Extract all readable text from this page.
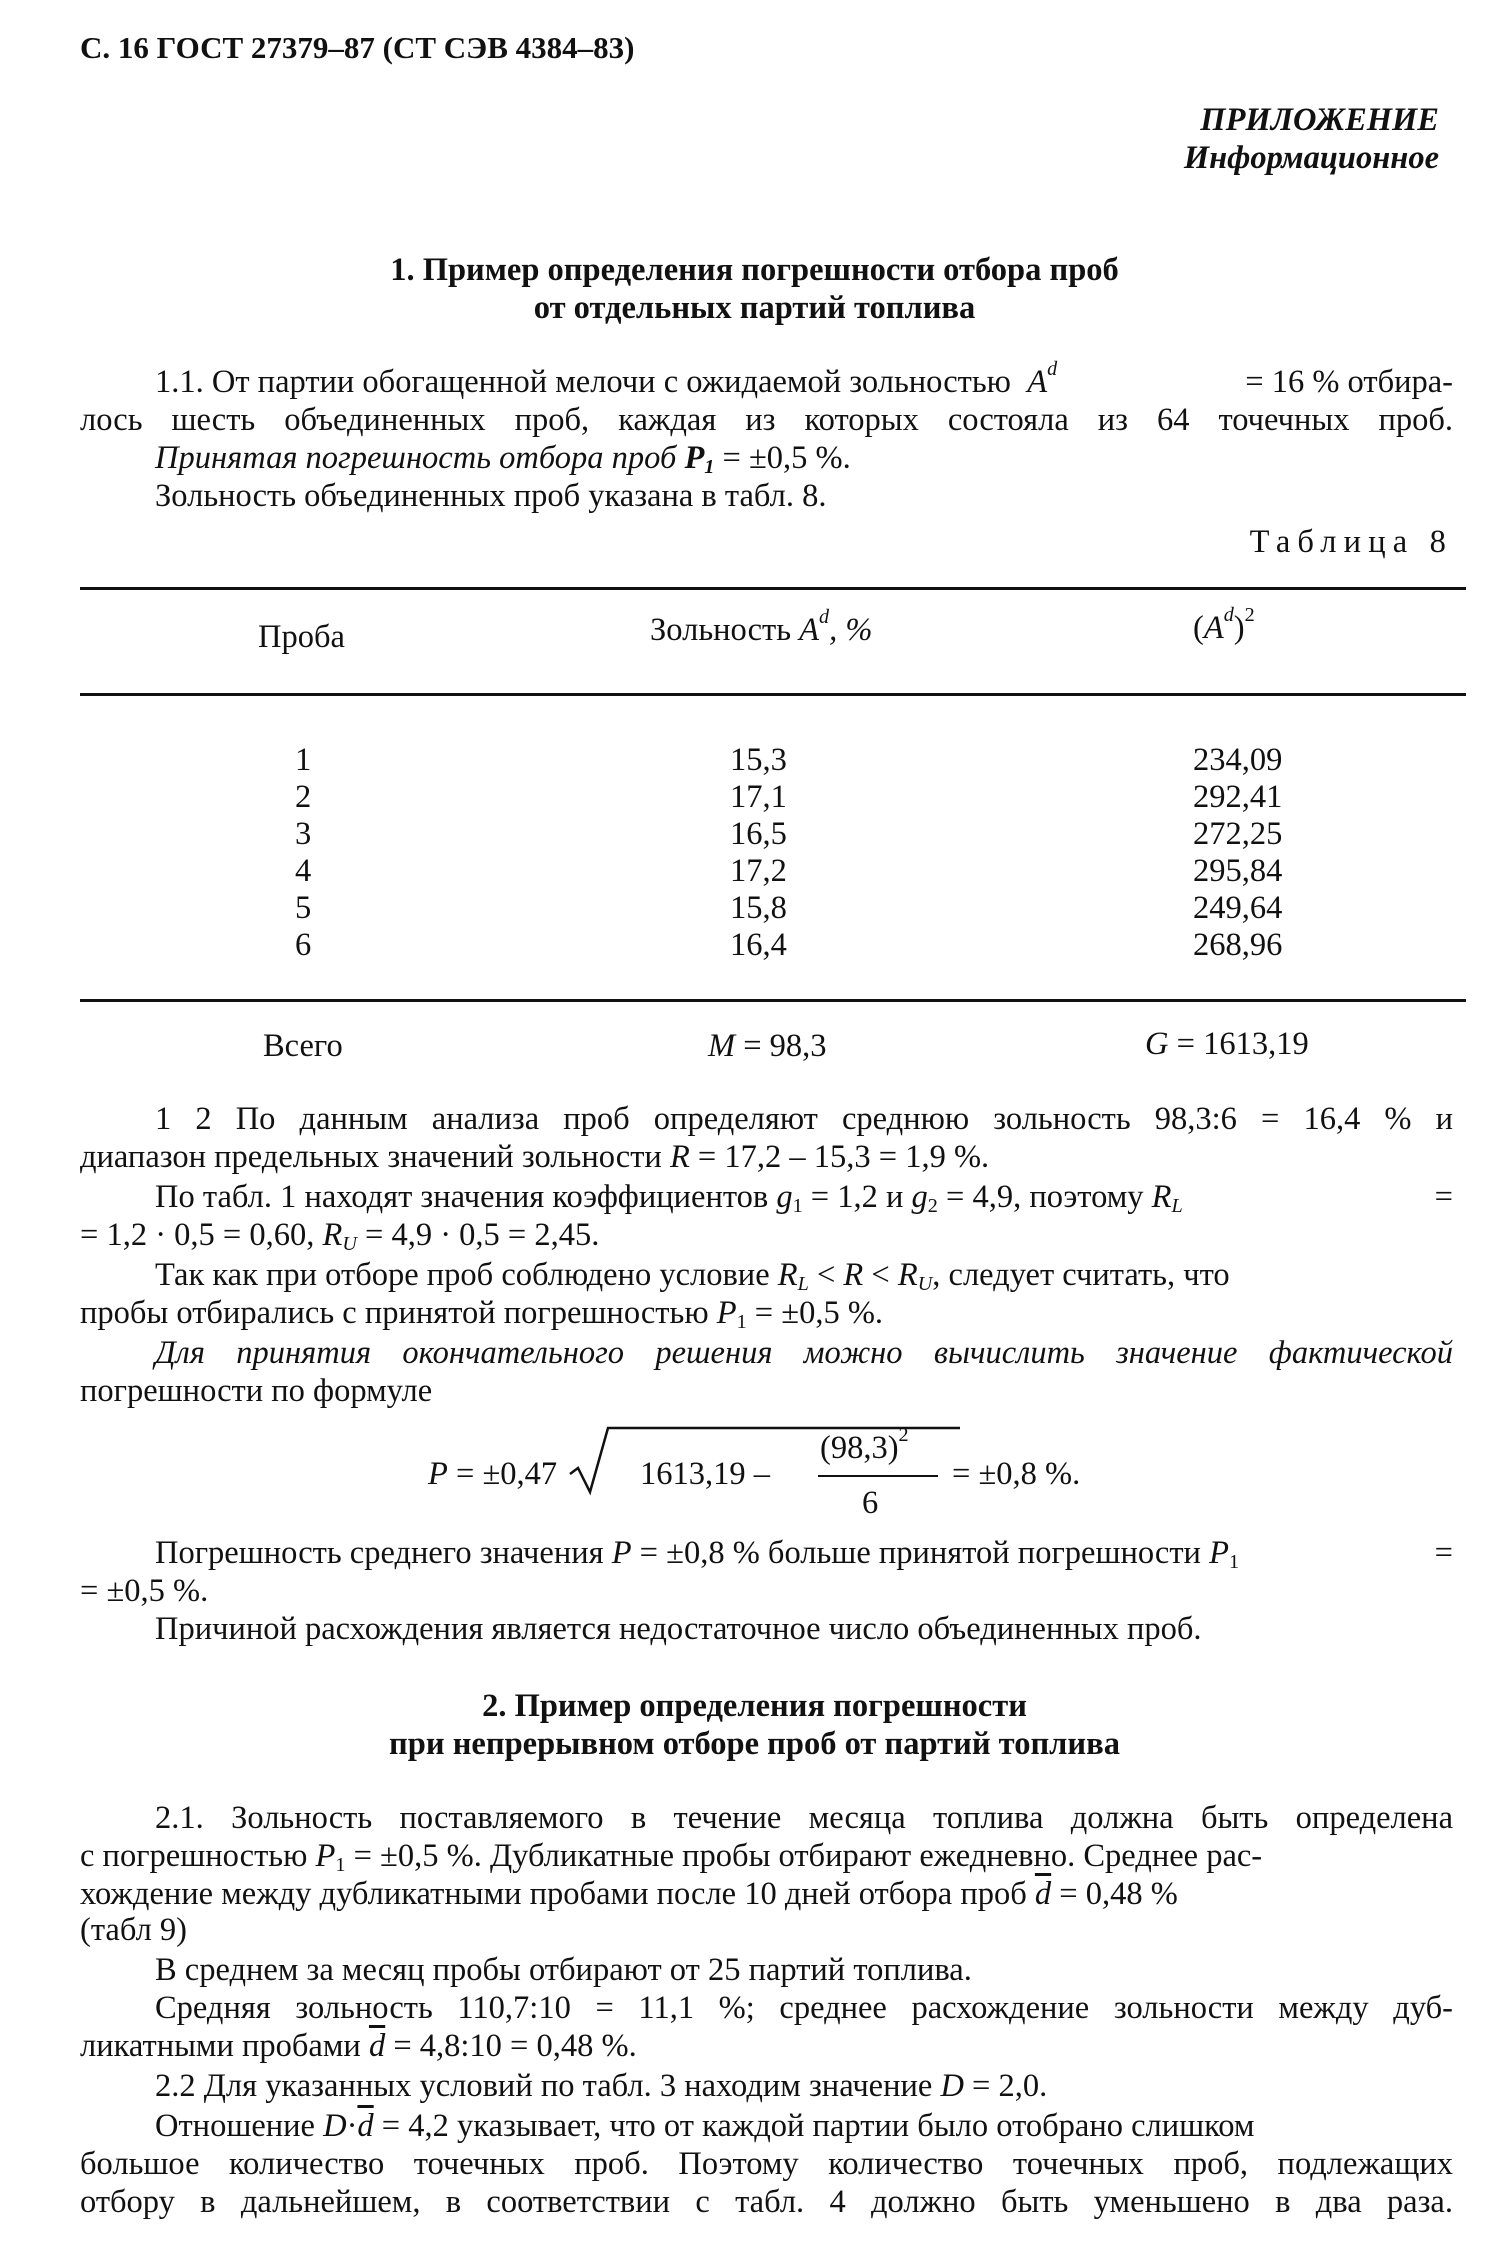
С. 16 ГОСТ 27379–87 (СТ СЭВ 4384–83)
ПРИЛОЖЕНИЕ
Информационное
1. Пример определения погрешности отбора проб
от отдельных партий топлива
1.1. От партии обогащенной мелочи с ожидаемой зольностью $A^d$	= 16 % отбира-
лось шесть объединенных проб, каждая из которых состояла из 64 точечных проб.
Принятая погрешность отбора проб $P_1 = \pm 0,5$ %.
Зольность объединенных проб указана в табл. 8.
Таблица 8
Проба	Зольность $A^d$, %	$(A^d)^2$
1	15,3	234,09
2	17,1	292,41
3	16,5	272,25
4	17,2	295,84
5	15,8	249,64
6	16,4	268,96
Всего	M = 98,3	G = 1613,19
1 2 По данным анализа проб определяют среднюю зольность 98,3:6 = 16,4 % и
диапазон предельных значений зольности R = 17,2 – 15,3 = 1,9 %.
По табл. 1 находят значения коэффициентов $g_1 = 1,2$ и $g_2 = 4,9$, поэтому $R_L$	=
= 1,2 · 0,5 = 0,60, $R_U = 4,9 \cdot 0,5 = 2,45$.
Так как при отборе проб соблюдено условие $R_L < R < R_U$, следует считать, что
пробы отбирались с принятой погрешностью $P_1 = \pm 0,5$ %.
Для принятия окончательного решения можно вычислить значение фактической
погрешности по формуле
P = ±0,47	1613,19 –
$(98,3)^2$
6
= ±0,8 %.
Погрешность среднего значения P = ±0,8 % больше принятой погрешности $P_1$	=
= ±0,5 %.
Причиной расхождения является недостаточное число объединенных проб.
2. Пример определения погрешности
при непрерывном отборе проб от партий топлива
2.1. Зольность поставляемого в течение месяца топлива должна быть определена
с погрешностью $P_1 = \pm 0,5$ %. Дубликатные пробы отбирают ежедневно. Среднее рас-
хождение между дубликатными пробами после 10 дней отбора проб $\overline{d} = 0,48$ %
(табл 9)
В среднем за месяц пробы отбирают от 25 партий топлива.
Средняя зольность 110,7:10 = 11,1 %; среднее расхождение зольности между дуб-
ликатными пробами $\overline{d}$ = 4,8:10 = 0,48 %.
2.2 Для указанных условий по табл. 3 находим значение D = 2,0.
Отношение $D\cdot\overline{d} = 4,2$ указывает, что от каждой партии было отобрано слишком
большое количество точечных проб. Поэтому количество точечных проб, подлежащих
отбору в дальнейшем, в соответствии с табл. 4 должно быть уменьшено в два раза.
